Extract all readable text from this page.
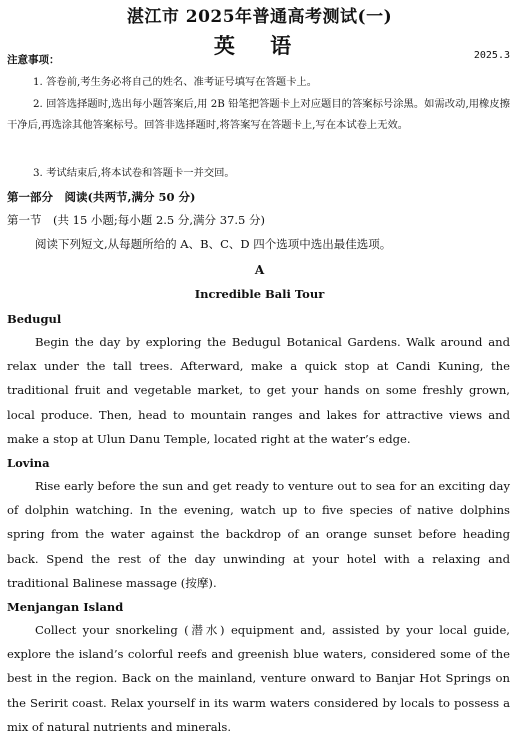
湛江市 2025年普通高考测试(一)
英 语
注意事项：	2025.3
1. 答卷前,考生务必将自己的姓名、准考证号填写在答题卡上。
2. 回答选择题时,选出每小题答案后,用 2B 铅笔把答题卡上对应题目的答案标号涂黑。如需改动,用橡皮擦干净后,再选涂其他答案标号。回答非选择题时,将答案写在答题卡上,写在本试卷上无效。
3. 考试结束后,将本试卷和答题卡一并交回。
第一部分　阅读(共两节,满分 50 分)
第一节　(共 15 小题;每小题 2.5 分,满分 37.5 分)
阅读下列短文,从每题所给的 A、B、C、D 四个选项中选出最佳选项。
A
Incredible Bali Tour
Bedugul
Begin the day by exploring the Bedugul Botanical Gardens. Walk around and relax under the tall trees. Afterward, make a quick stop at Candi Kuning, the traditional fruit and vegetable market, to get your hands on some freshly grown, local produce. Then, head to mountain ranges and lakes for attractive views and make a stop at Ulun Danu Temple, located right at the water’s edge.
Lovina
Rise early before the sun and get ready to venture out to sea for an exciting day of dolphin watching. In the evening, watch up to five species of native dolphins spring from the water against the backdrop of an orange sunset before heading back. Spend the rest of the day unwinding at your hotel with a relaxing and traditional Balinese massage (按摩).
Menjangan Island
Collect your snorkeling (潜水) equipment and, assisted by your local guide, explore the island’s colorful reefs and greenish blue waters, considered some of the best in the region. Back on the mainland, venture onward to Banjar Hot Springs on the Seririt coast. Relax yourself in its warm waters considered by locals to possess a mix of natural nutrients and minerals.
